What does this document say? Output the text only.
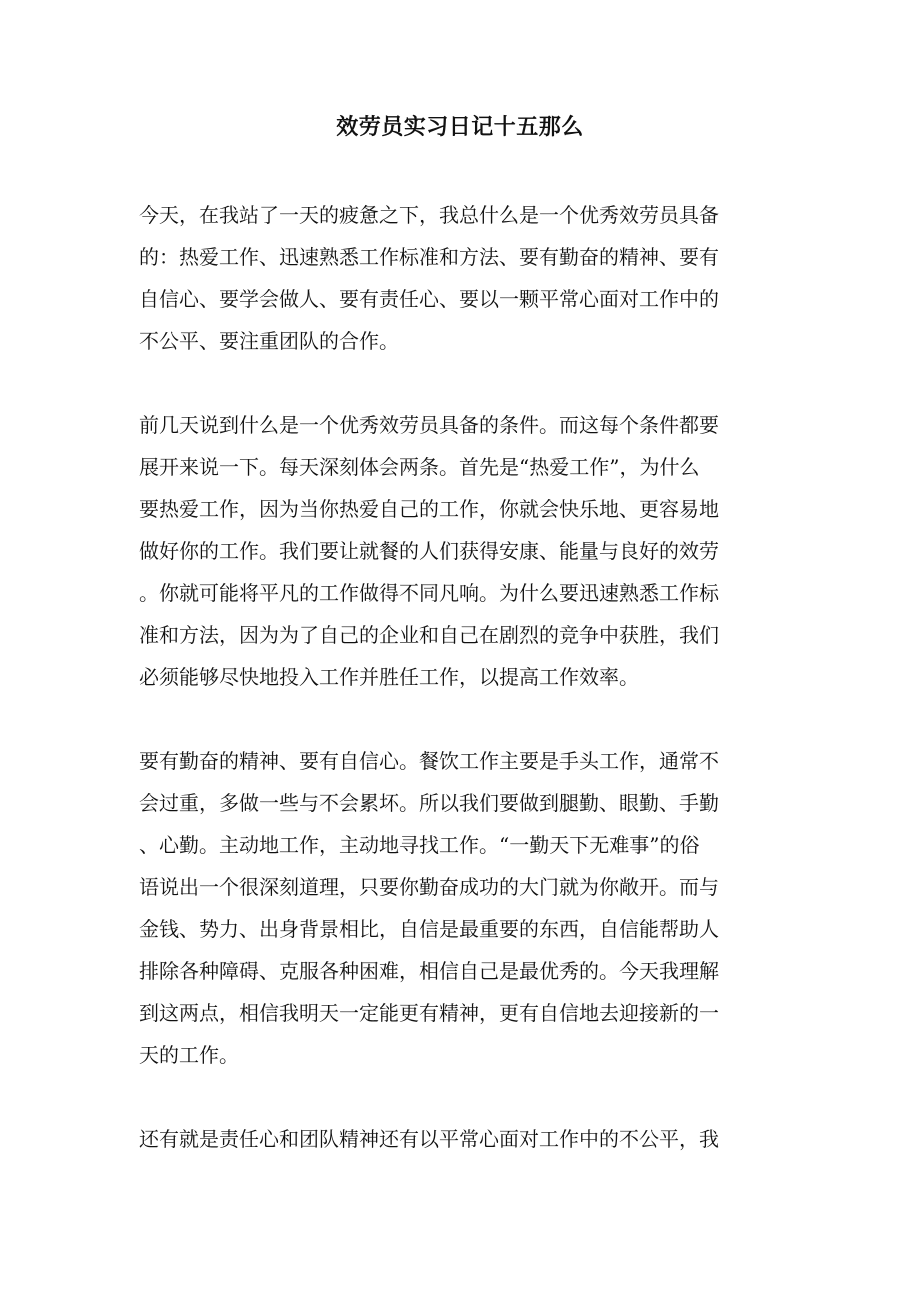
效劳员实习日记十五那么

今天，在我站了一天的疲惫之下，我总什么是一个优秀效劳员具备
的：热爱工作、迅速熟悉工作标准和方法、要有勤奋的精神、要有
自信心、要学会做人、要有责任心、要以一颗平常心面对工作中的
不公平、要注重团队的合作。

前几天说到什么是一个优秀效劳员具备的条件。而这每个条件都要
展开来说一下。每天深刻体会两条。首先是“热爱工作”，为什么
要热爱工作，因为当你热爱自己的工作，你就会快乐地、更容易地
做好你的工作。我们要让就餐的人们获得安康、能量与良好的效劳
。你就可能将平凡的工作做得不同凡响。为什么要迅速熟悉工作标
准和方法，因为为了自己的企业和自己在剧烈的竞争中获胜，我们
必须能够尽快地投入工作并胜任工作，以提高工作效率。

要有勤奋的精神、要有自信心。餐饮工作主要是手头工作，通常不
会过重，多做一些与不会累坏。所以我们要做到腿勤、眼勤、手勤
、心勤。主动地工作，主动地寻找工作。“一勤天下无难事”的俗
语说出一个很深刻道理，只要你勤奋成功的大门就为你敞开。而与
金钱、势力、出身背景相比，自信是最重要的东西，自信能帮助人
排除各种障碍、克服各种困难，相信自己是最优秀的。今天我理解
到这两点，相信我明天一定能更有精神，更有自信地去迎接新的一
天的工作。

还有就是责任心和团队精神还有以平常心面对工作中的不公平，我
